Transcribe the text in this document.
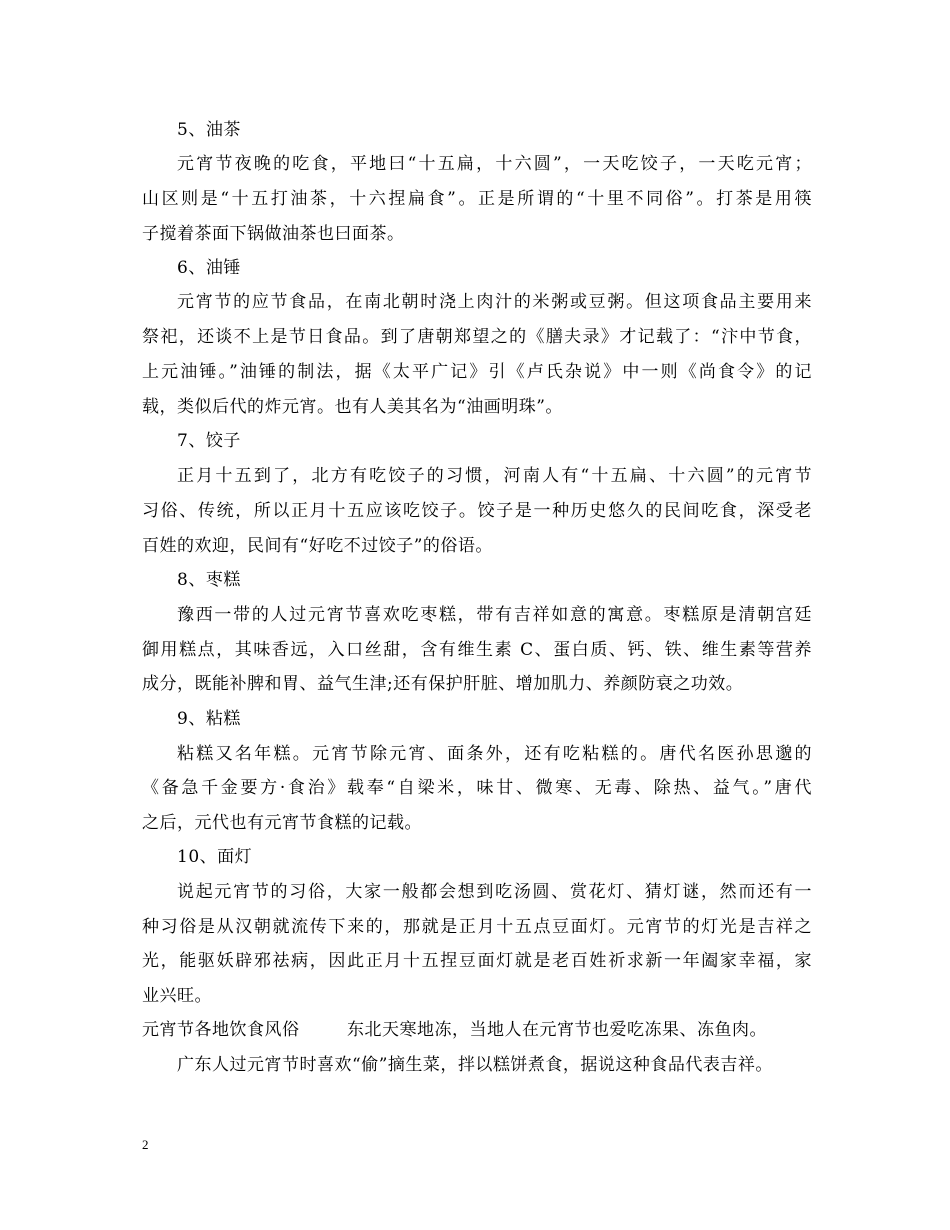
5、油茶
元宵节夜晚的吃食，平地曰“十五扁，十六圆”，一天吃饺子，一天吃元宵；
山区则是“十五打油茶，十六捏扁食”。正是所谓的“十里不同俗”。打茶是用筷
子搅着茶面下锅做油茶也曰面茶。
6、油锤
元宵节的应节食品，在南北朝时浇上肉汁的米粥或豆粥。但这项食品主要用来
祭祀，还谈不上是节日食品。到了唐朝郑望之的《膳夫录》才记载了：“汴中节食，
上元油锤。”油锤的制法，据《太平广记》引《卢氏杂说》中一则《尚食令》的记
载，类似后代的炸元宵。也有人美其名为“油画明珠”。
7、饺子
正月十五到了，北方有吃饺子的习惯，河南人有“十五扁、十六圆”的元宵节
习俗、传统，所以正月十五应该吃饺子。饺子是一种历史悠久的民间吃食，深受老
百姓的欢迎，民间有“好吃不过饺子”的俗语。
8、枣糕
豫西一带的人过元宵节喜欢吃枣糕，带有吉祥如意的寓意。枣糕原是清朝宫廷
御用糕点，其味香远，入口丝甜，含有维生素 C、蛋白质、钙、铁、维生素等营养
成分，既能补脾和胃、益气生津;还有保护肝脏、增加肌力、养颜防衰之功效。
9、粘糕
粘糕又名年糕。元宵节除元宵、面条外，还有吃粘糕的。唐代名医孙思邈的
《备急千金要方·食治》载奉“自梁米，味甘、微寒、无毒、除热、益气。”唐代
之后，元代也有元宵节食糕的记载。
10、面灯
说起元宵节的习俗，大家一般都会想到吃汤圆、赏花灯、猜灯谜，然而还有一
种习俗是从汉朝就流传下来的，那就是正月十五点豆面灯。元宵节的灯光是吉祥之
光，能驱妖辟邪祛病，因此正月十五捏豆面灯就是老百姓祈求新一年阖家幸福，家
业兴旺。
元宵节各地饮食风俗	东北天寒地冻，当地人在元宵节也爱吃冻果、冻鱼肉。
广东人过元宵节时喜欢“偷”摘生菜，拌以糕饼煮食，据说这种食品代表吉祥。
2
